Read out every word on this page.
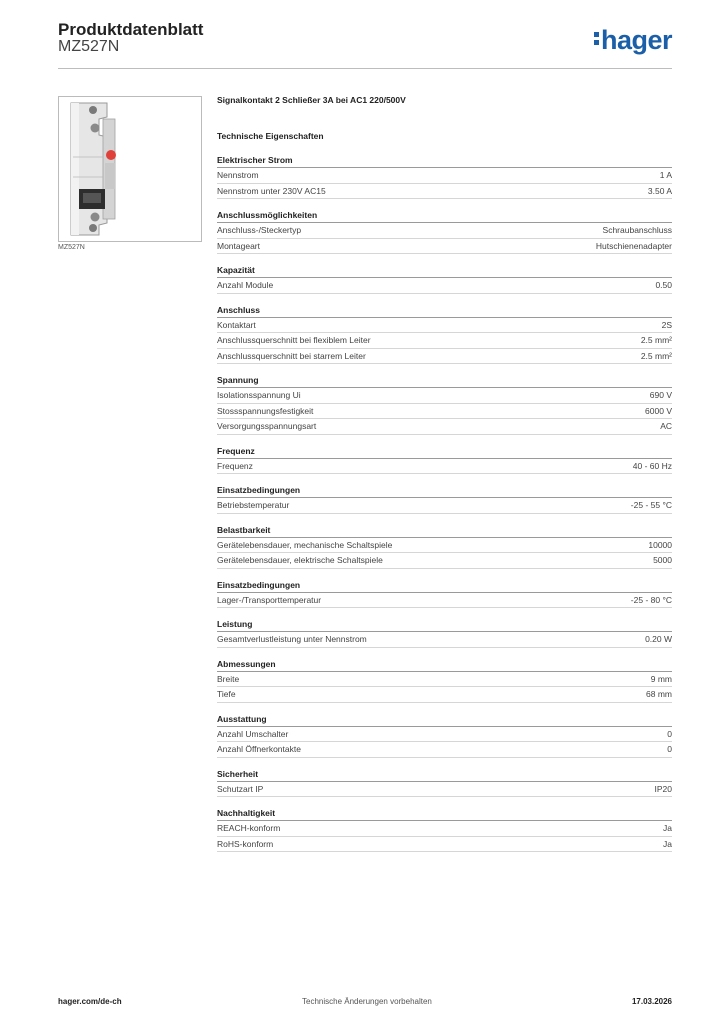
Produktdatenblatt
MZ527N	hager
MZ527N
Signalkontakt 2 Schließer 3A bei AC1 220/500V
Technische Eigenschaften
Elektrischer Strom
Nennstrom	1 A
Nennstrom unter 230V AC15	3.50 A
Anschlussmöglichkeiten
Anschluss-/Steckertyp	Schraubanschluss
Montageart	Hutschienenadapter
Kapazität
Anzahl Module	0.50
Anschluss
Kontaktart	2S
Anschlussquerschnitt bei flexiblem Leiter	2.5 mm²
Anschlussquerschnitt bei starrem Leiter	2.5 mm²
Spannung
Isolationsspannung Ui	690 V
Stossspannungsfestigkeit	6000 V
Versorgungsspannungsart	AC
Frequenz
Frequenz	40 - 60 Hz
Einsatzbedingungen
Betriebstemperatur	-25 - 55 °C
Belastbarkeit
Gerätelebensdauer, mechanische Schaltspiele	10000
Gerätelebensdauer, elektrische Schaltspiele	5000
Einsatzbedingungen
Lager-/Transporttemperatur	-25 - 80 °C
Leistung
Gesamtverlustleistung unter Nennstrom	0.20 W
Abmessungen
Breite	9 mm
Tiefe	68 mm
Ausstattung
Anzahl Umschalter	0
Anzahl Öffnerkontakte	0
Sicherheit
Schutzart IP	IP20
Nachhaltigkeit
REACH-konform	Ja
RoHS-konform	Ja
hager.com/de-ch	Technische Änderungen vorbehalten	17.03.2026
